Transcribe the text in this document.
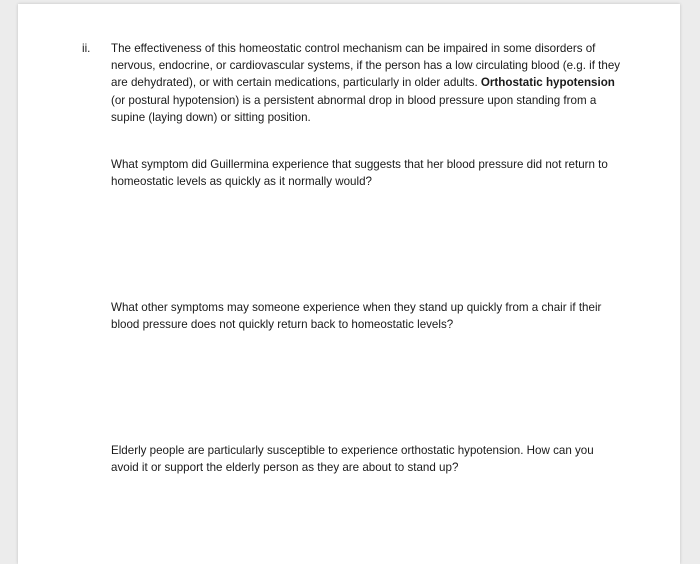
ii. The effectiveness of this homeostatic control mechanism can be impaired in some disorders of nervous, endocrine, or cardiovascular systems, if the person has a low circulating blood (e.g. if they are dehydrated), or with certain medications, particularly in older adults. Orthostatic hypotension (or postural hypotension) is a persistent abnormal drop in blood pressure upon standing from a supine (laying down) or sitting position.
What symptom did Guillermina experience that suggests that her blood pressure did not return to homeostatic levels as quickly as it normally would?
What other symptoms may someone experience when they stand up quickly from a chair if their blood pressure does not quickly return back to homeostatic levels?
Elderly people are particularly susceptible to experience orthostatic hypotension. How can you avoid it or support the elderly person as they are about to stand up?
